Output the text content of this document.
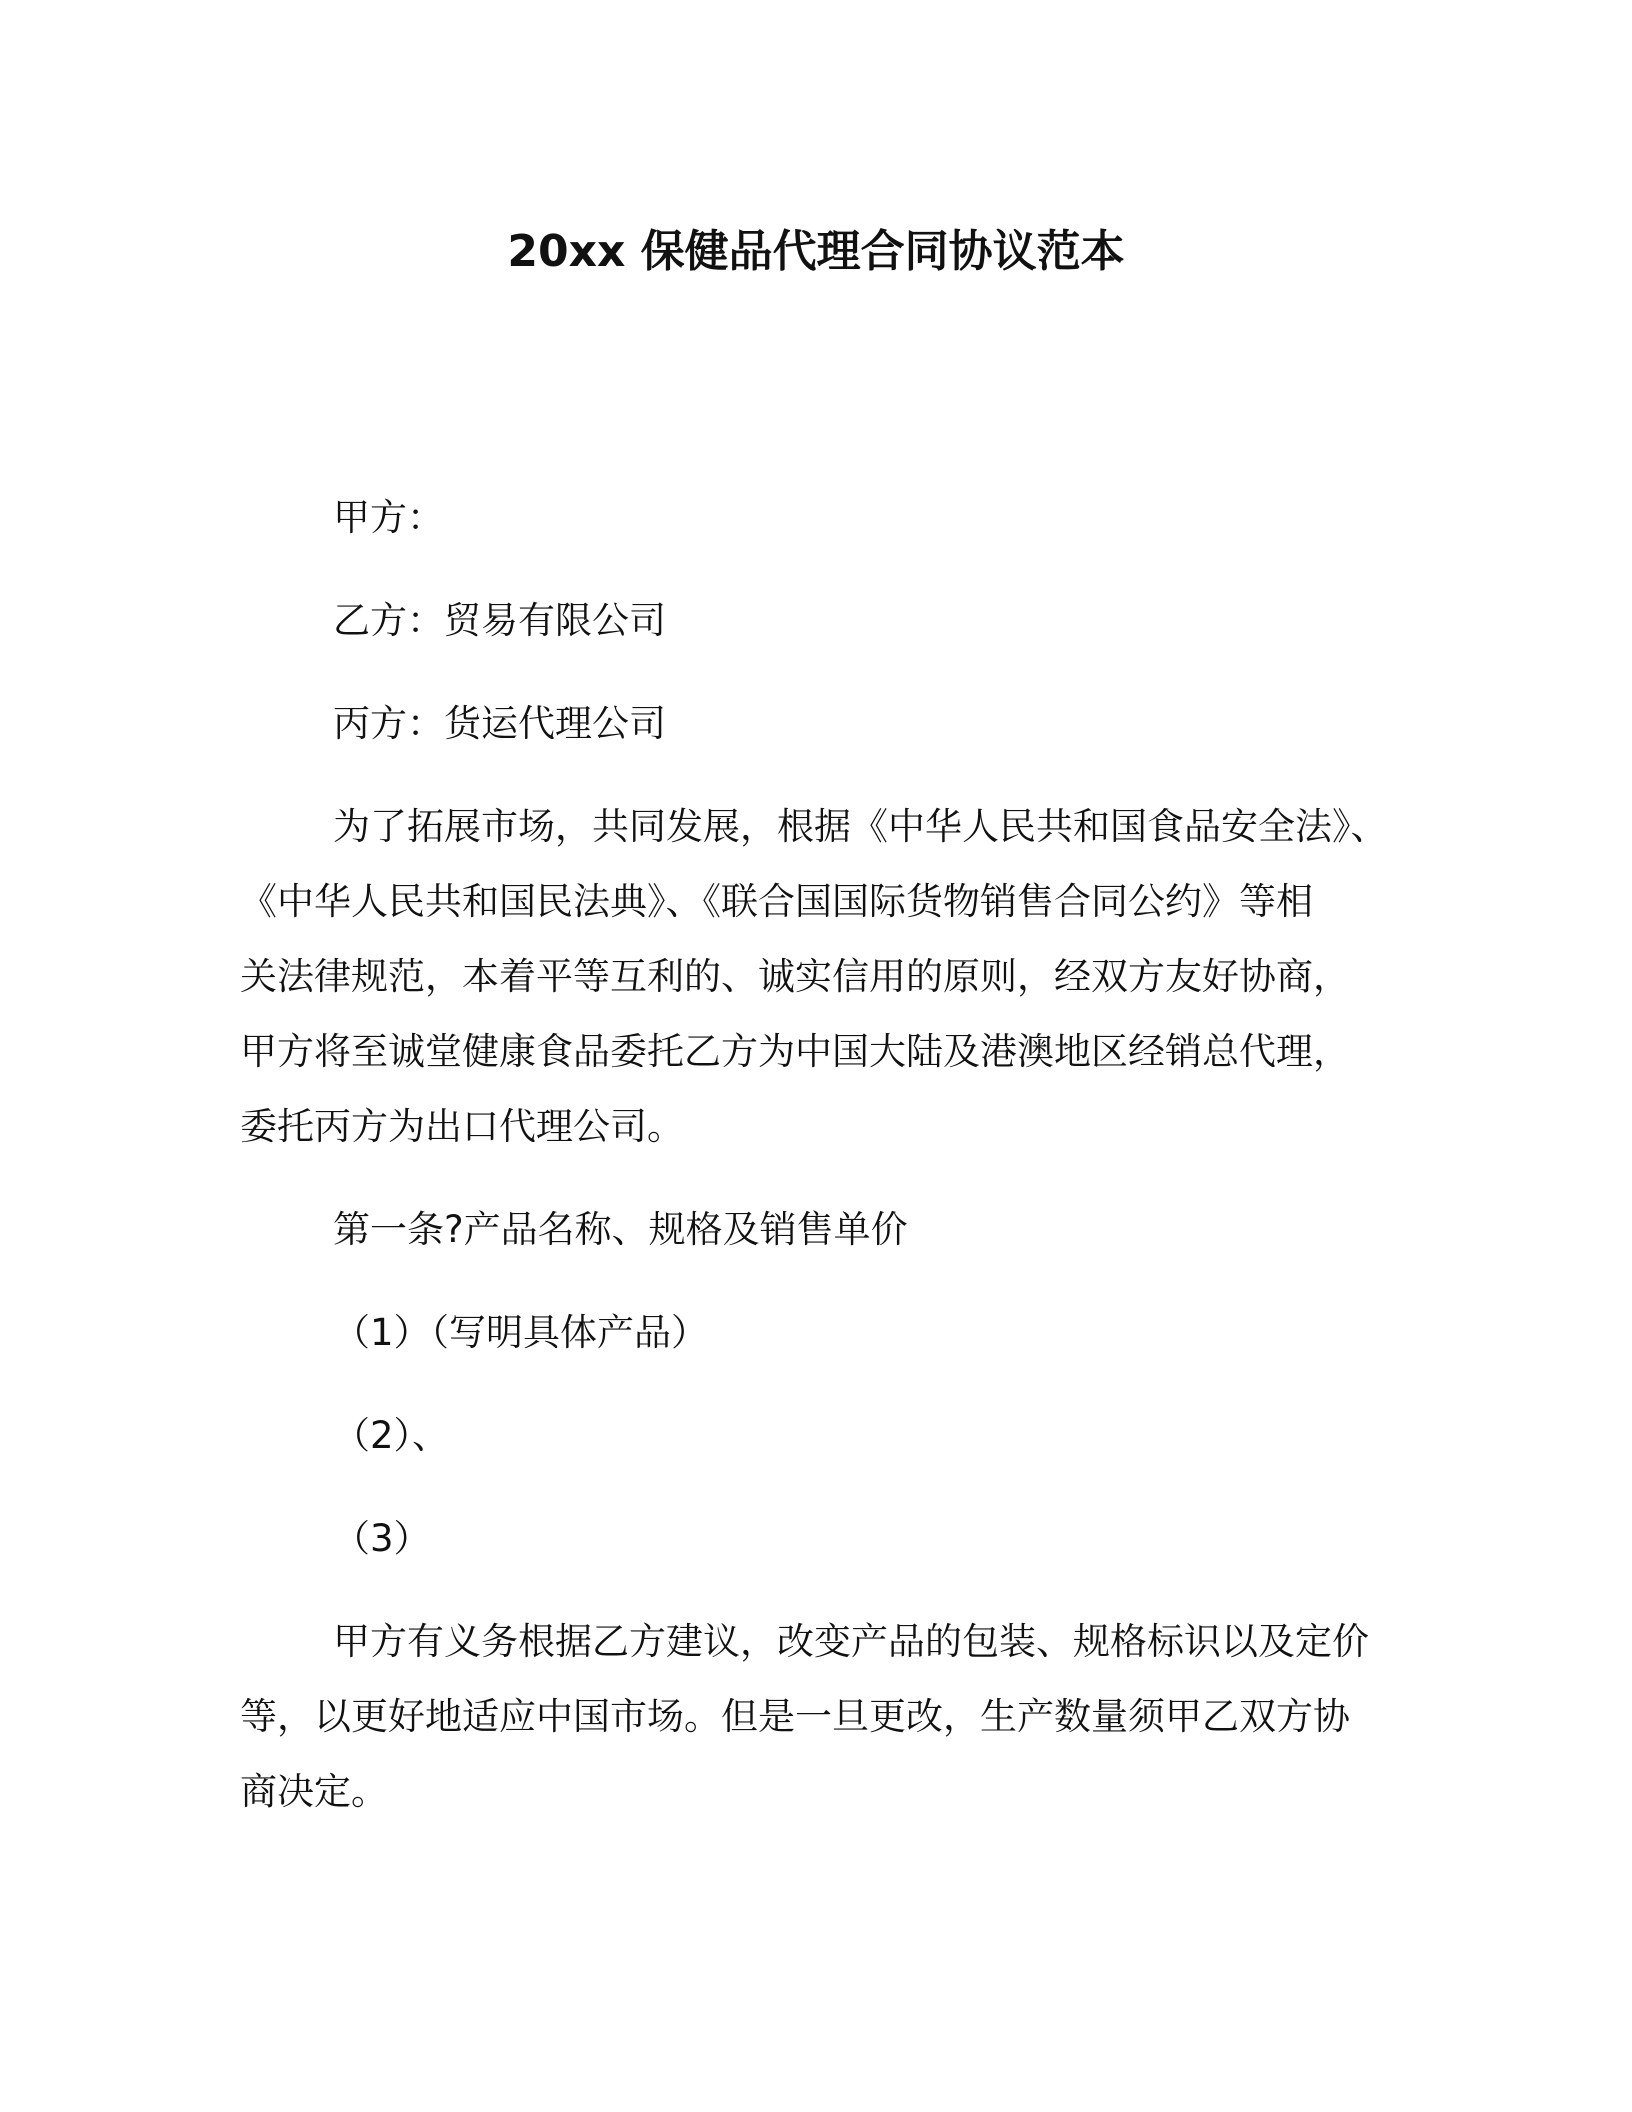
20xx 保健品代理合同协议范本
甲方：
乙方：贸易有限公司
丙方：货运代理公司
为了拓展市场，共同发展，根据《中华人民共和国食品安全法》、
《中华人民共和国民法典》、《联合国国际货物销售合同公约》等相
关法律规范，本着平等互利的、诚实信用的原则，经双方友好协商，
甲方将至诚堂健康食品委托乙方为中国大陆及港澳地区经销总代理，
委托丙方为出口代理公司。
第一条?产品名称、规格及销售单价
（1）（写明具体产品）
（2）、
（3）
甲方有义务根据乙方建议，改变产品的包装、规格标识以及定价
等，以更好地适应中国市场。但是一旦更改，生产数量须甲乙双方协
商决定。
